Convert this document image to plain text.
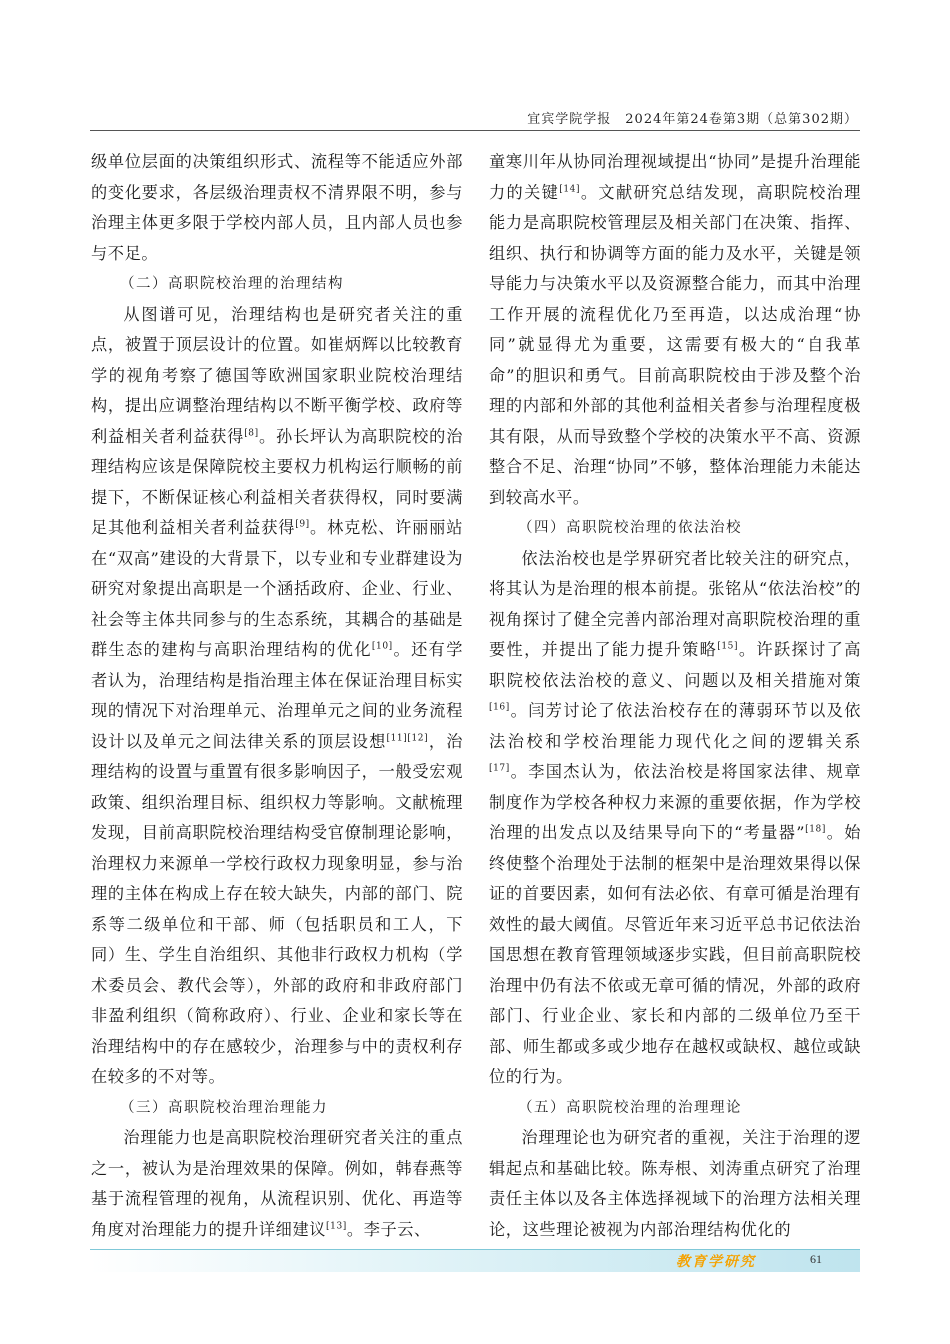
宜宾学院学报　2024年第24卷第3期（总第302期）

级单位层面的决策组织形式、流程等不能适应外部的变化要求，各层级治理责权不清界限不明，参与治理主体更多限于学校内部人员，且内部人员也参与不足。

（二）高职院校治理的治理结构

从图谱可见，治理结构也是研究者关注的重点，被置于顶层设计的位置。如崔炳辉以比较教育学的视角考察了德国等欧洲国家职业院校治理结构，提出应调整治理结构以不断平衡学校、政府等利益相关者利益获得[8]。孙长坪认为高职院校的治理结构应该是保障院校主要权力机构运行顺畅的前提下，不断保证核心利益相关者获得权，同时要满足其他利益相关者利益获得[9]。林克松、许丽丽站在“双高”建设的大背景下，以专业和专业群建设为研究对象提出高职是一个涵括政府、企业、行业、社会等主体共同参与的生态系统，其耦合的基础是群生态的建构与高职治理结构的优化[10]。还有学者认为，治理结构是指治理主体在保证治理目标实现的情况下对治理单元、治理单元之间的业务流程设计以及单元之间法律关系的顶层设想[11][12]，治理结构的设置与重置有很多影响因子，一般受宏观政策、组织治理目标、组织权力等影响。文献梳理发现，目前高职院校治理结构受官僚制理论影响，治理权力来源单一学校行政权力现象明显，参与治理的主体在构成上存在较大缺失，内部的部门、院系等二级单位和干部、师（包括职员和工人，下同）生、学生自治组织、其他非行政权力机构（学术委员会、教代会等），外部的政府和非政府部门非盈利组织（简称政府）、行业、企业和家长等在治理结构中的存在感较少，治理参与中的责权利存在较多的不对等。

（三）高职院校治理治理能力

治理能力也是高职院校治理研究者关注的重点之一，被认为是治理效果的保障。例如，韩春燕等基于流程管理的视角，从流程识别、优化、再造等角度对治理能力的提升详细建议[13]。李子云、

童寒川年从协同治理视域提出“协同”是提升治理能力的关键[14]。文献研究总结发现，高职院校治理能力是高职院校管理层及相关部门在决策、指挥、组织、执行和协调等方面的能力及水平，关键是领导能力与决策水平以及资源整合能力，而其中治理工作开展的流程优化乃至再造，以达成治理“协同”就显得尤为重要，这需要有极大的“自我革命”的胆识和勇气。目前高职院校由于涉及整个治理的内部和外部的其他利益相关者参与治理程度极其有限，从而导致整个学校的决策水平不高、资源整合不足、治理“协同”不够，整体治理能力未能达到较高水平。

（四）高职院校治理的依法治校

依法治校也是学界研究者比较关注的研究点，将其认为是治理的根本前提。张铭从“依法治校”的视角探讨了健全完善内部治理对高职院校治理的重要性，并提出了能力提升策略[15]。许跃探讨了高职院校依法治校的意义、问题以及相关措施对策[16]。闫芳讨论了依法治校存在的薄弱环节以及依法治校和学校治理能力现代化之间的逻辑关系[17]。李国杰认为，依法治校是将国家法律、规章制度作为学校各种权力来源的重要依据，作为学校治理的出发点以及结果导向下的“考量器”[18]。始终使整个治理处于法制的框架中是治理效果得以保证的首要因素，如何有法必依、有章可循是治理有效性的最大阈值。尽管近年来习近平总书记依法治国思想在教育管理领域逐步实践，但目前高职院校治理中仍有法不依或无章可循的情况，外部的政府部门、行业企业、家长和内部的二级单位乃至干部、师生都或多或少地存在越权或缺权、越位或缺位的行为。

（五）高职院校治理的治理理论

治理理论也为研究者的重视，关注于治理的逻辑起点和基础比较。陈寿根、刘涛重点研究了治理责任主体以及各主体选择视域下的治理方法相关理论，这些理论被视为内部治理结构优化的

教育学研究	61
